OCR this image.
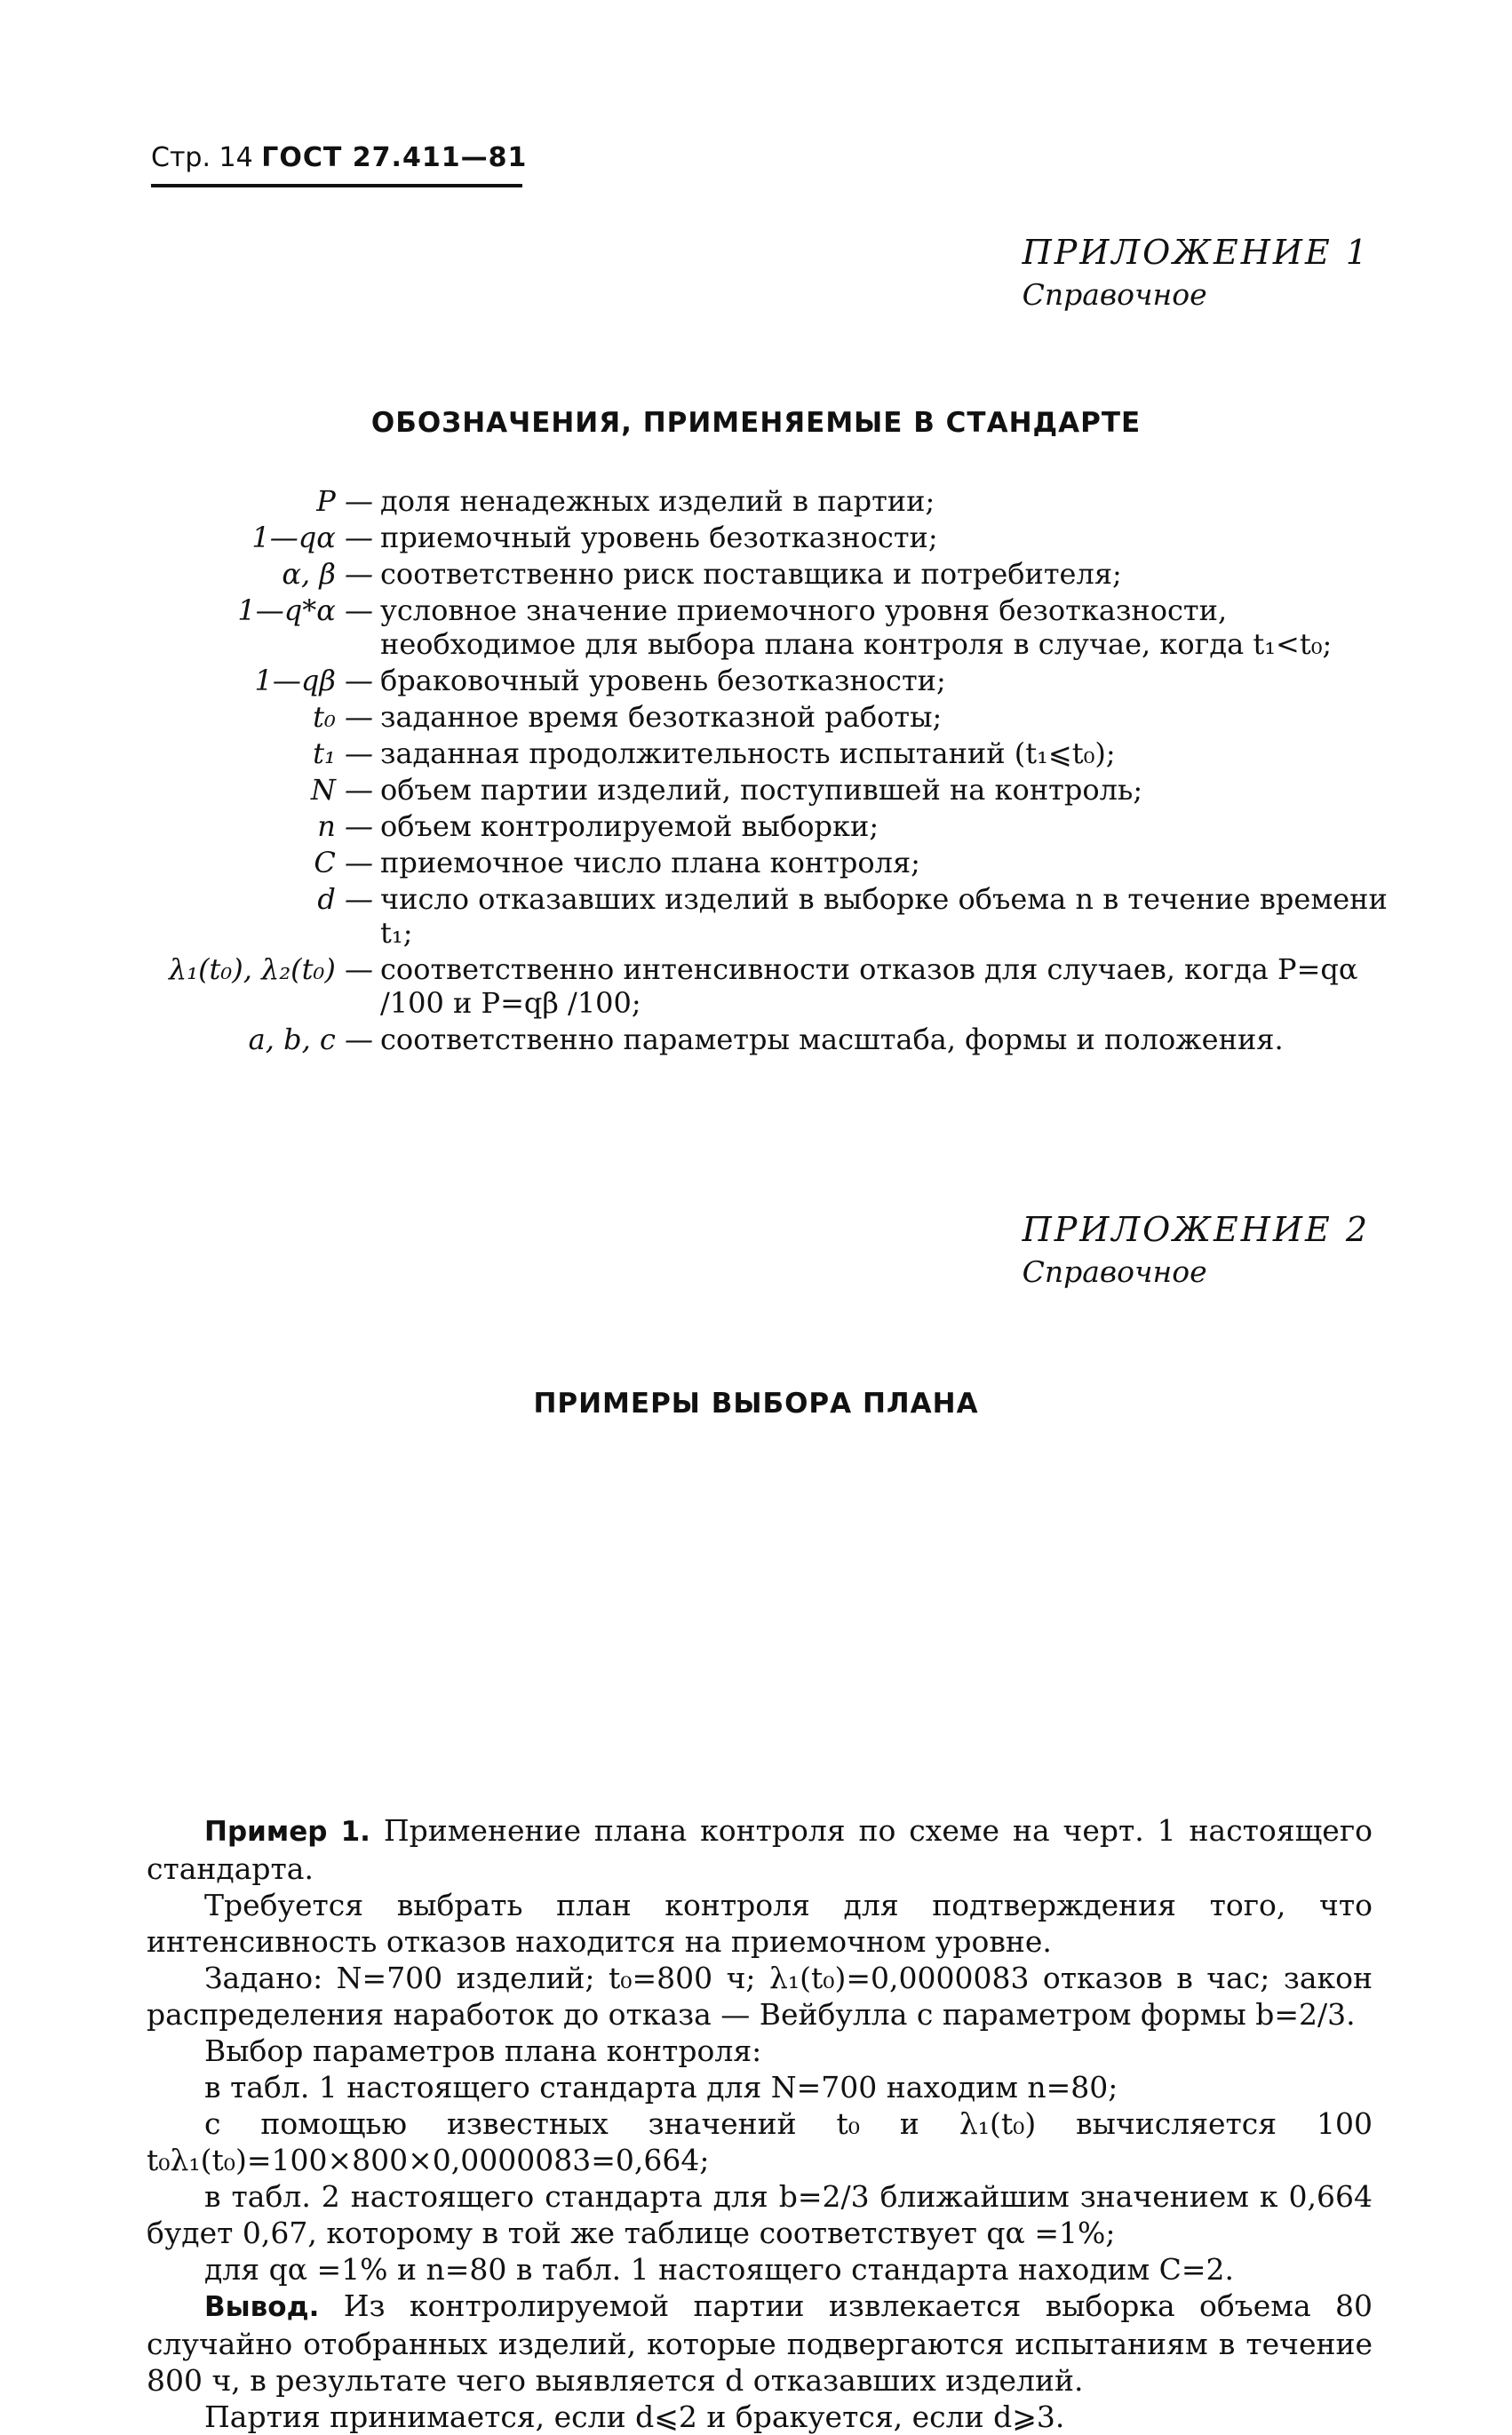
Стр. 14 ГОСТ 27.411—81
ПРИЛОЖЕНИЕ 1
Справочное
ОБОЗНАЧЕНИЯ, ПРИМЕНЯЕМЫЕ В СТАНДАРТЕ
P — доля ненадежных изделий в партии;
1—qα — приемочный уровень безотказности;
α, β — соответственно риск поставщика и потребителя;
1—q*α — условное значение приемочного уровня безотказности, необходимое для выбора плана контроля в случае, когда t₁<t₀;
1—qβ — браковочный уровень безотказности;
t₀ — заданное время безотказной работы;
t₁ — заданная продолжительность испытаний (t₁⩽t₀);
N — объем партии изделий, поступившей на контроль;
n — объем контролируемой выборки;
C — приемочное число плана контроля;
d — число отказавших изделий в выборке объема n в течение времени t₁;
λ₁(t₀), λ₂(t₀) — соответственно интенсивности отказов для случаев, когда P=qα /100 и P=qβ /100;
a, b, c — соответственно параметры масштаба, формы и положения.
ПРИЛОЖЕНИЕ 2
Справочное
ПРИМЕРЫ ВЫБОРА ПЛАНА

Пример 1. Применение плана контроля по схеме на черт. 1 настоящего стандарта.

Требуется выбрать план контроля для подтверждения того, что интенсивность отказов находится на приемочном уровне.

Задано: N=700 изделий; t₀=800 ч; λ₁(t₀)=0,0000083 отказов в час; закон распределения наработок до отказа — Вейбулла с параметром формы b=2/3.

Выбор параметров плана контроля:

в табл. 1 настоящего стандарта для N=700 находим n=80;

с помощью известных значений t₀ и λ₁(t₀) вычисляется 100 t₀λ₁(t₀)=100×800×0,0000083=0,664;

в табл. 2 настоящего стандарта для b=2/3 ближайшим значением к 0,664 будет 0,67, которому в той же таблице соответствует qα =1%;

для qα =1% и n=80 в табл. 1 настоящего стандарта находим C=2.

Вывод. Из контролируемой партии извлекается выборка объема 80 случайно отобранных изделий, которые подвергаются испытаниям в течение 800 ч, в результате чего выявляется d отказавших изделий.

Партия принимается, если d⩽2 и бракуется, если d⩾3.
